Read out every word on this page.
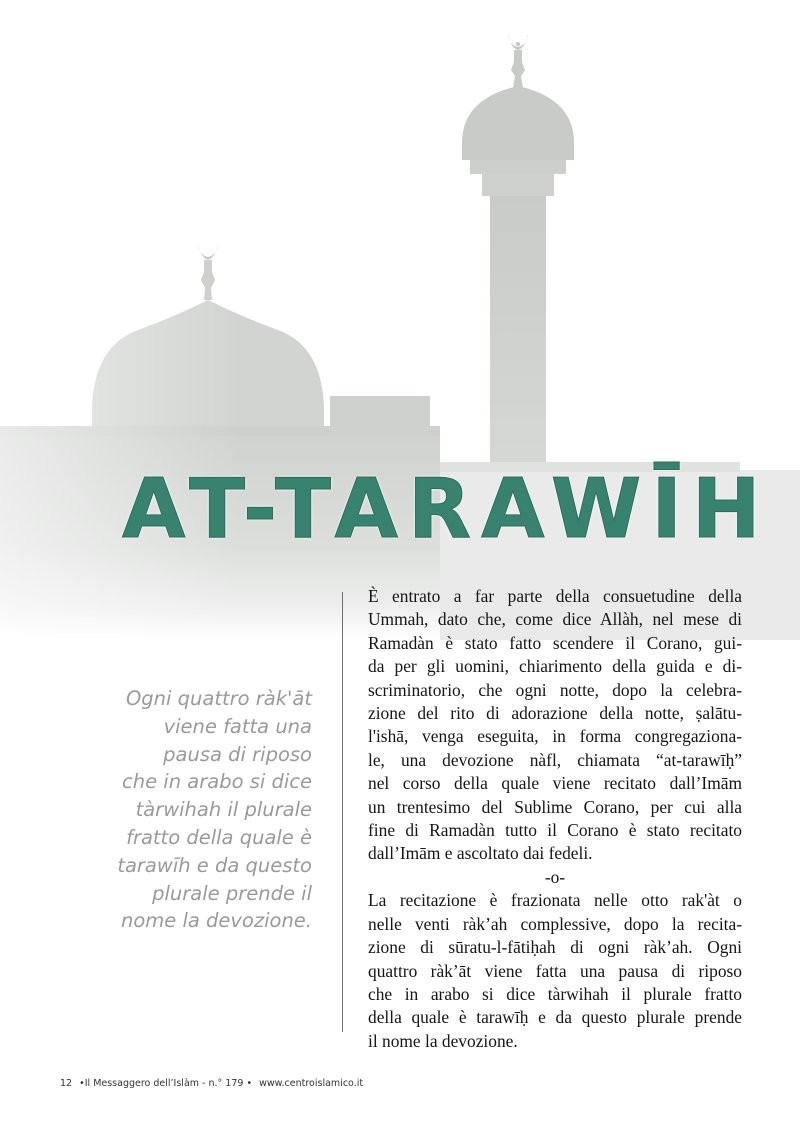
AT-TARAWĪH
Ogni quattro ràk'āt
viene fatta una
pausa di riposo
che in arabo si dice
tàrwihah il plurale
fratto della quale è
tarawīh e da questo
plurale prende il
nome la devozione.
È entrato a far parte della consuetudine della
Ummah, dato che, come dice Allàh, nel mese di
Ramadàn è stato fatto scendere il Corano, gui-
da per gli uomini, chiarimento della guida e di-
scriminatorio, che ogni notte, dopo la celebra-
zione del rito di adorazione della notte, ṣalātu-
l'ishā, venga eseguita, in forma congregaziona-
le, una devozione nàfl, chiamata “at-tarawīḥ”
nel corso della quale viene recitato dall’Imām
un trentesimo del Sublime Corano, per cui alla
fine di Ramadàn tutto il Corano è stato recitato
dall’Imām e ascoltato dai fedeli.
-o-
La recitazione è frazionata nelle otto rak'àt o
nelle venti ràk’ah complessive, dopo la recita-
zione di sūratu-l-fātiḥah di ogni ràk’ah. Ogni
quattro ràk’āt viene fatta una pausa di riposo
che in arabo si dice tàrwihah il plurale fratto
della quale è tarawīḥ e da questo plurale prende
il nome la devozione.
12 •Il Messaggero dell’Islàm - n.° 179 • www.centroislamico.it
